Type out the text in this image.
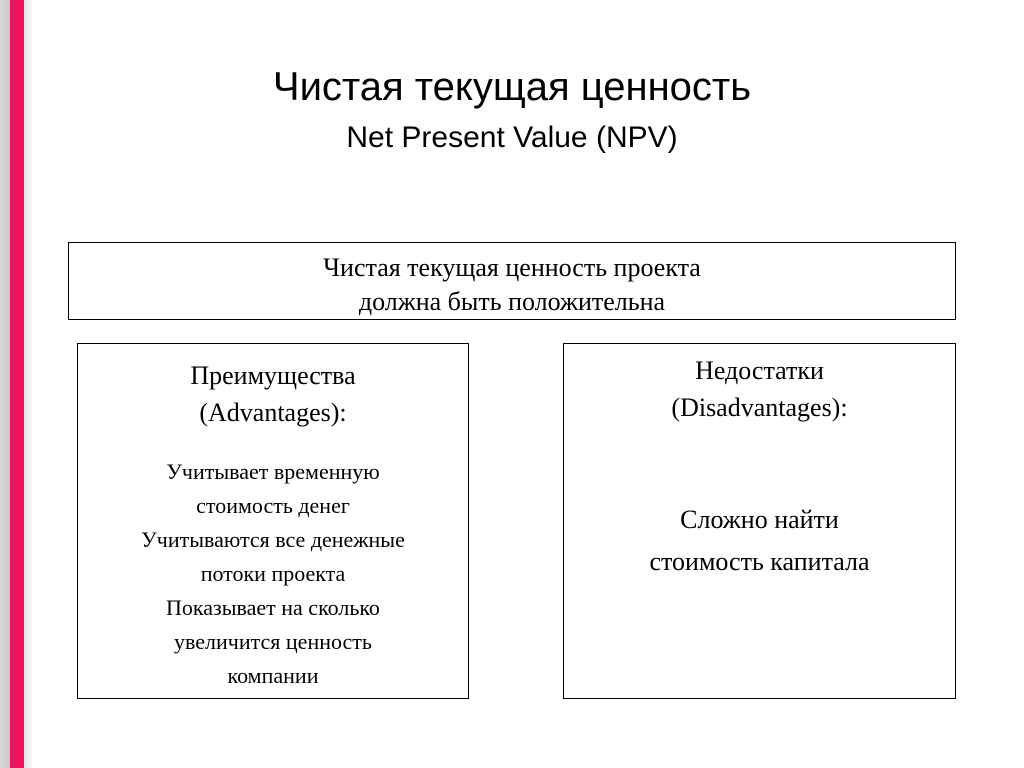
Чистая текущая ценность
Net Present Value (NPV)
Чистая текущая ценность проекта
должна быть положительна
Преимущества
(Advantages):
Учитывает временную
стоимость денег
Учитываются все денежные
потоки проекта
Показывает на сколько
увеличится ценность
компании
Недостатки
(Disadvantages):
Сложно найти
стоимость капитала
